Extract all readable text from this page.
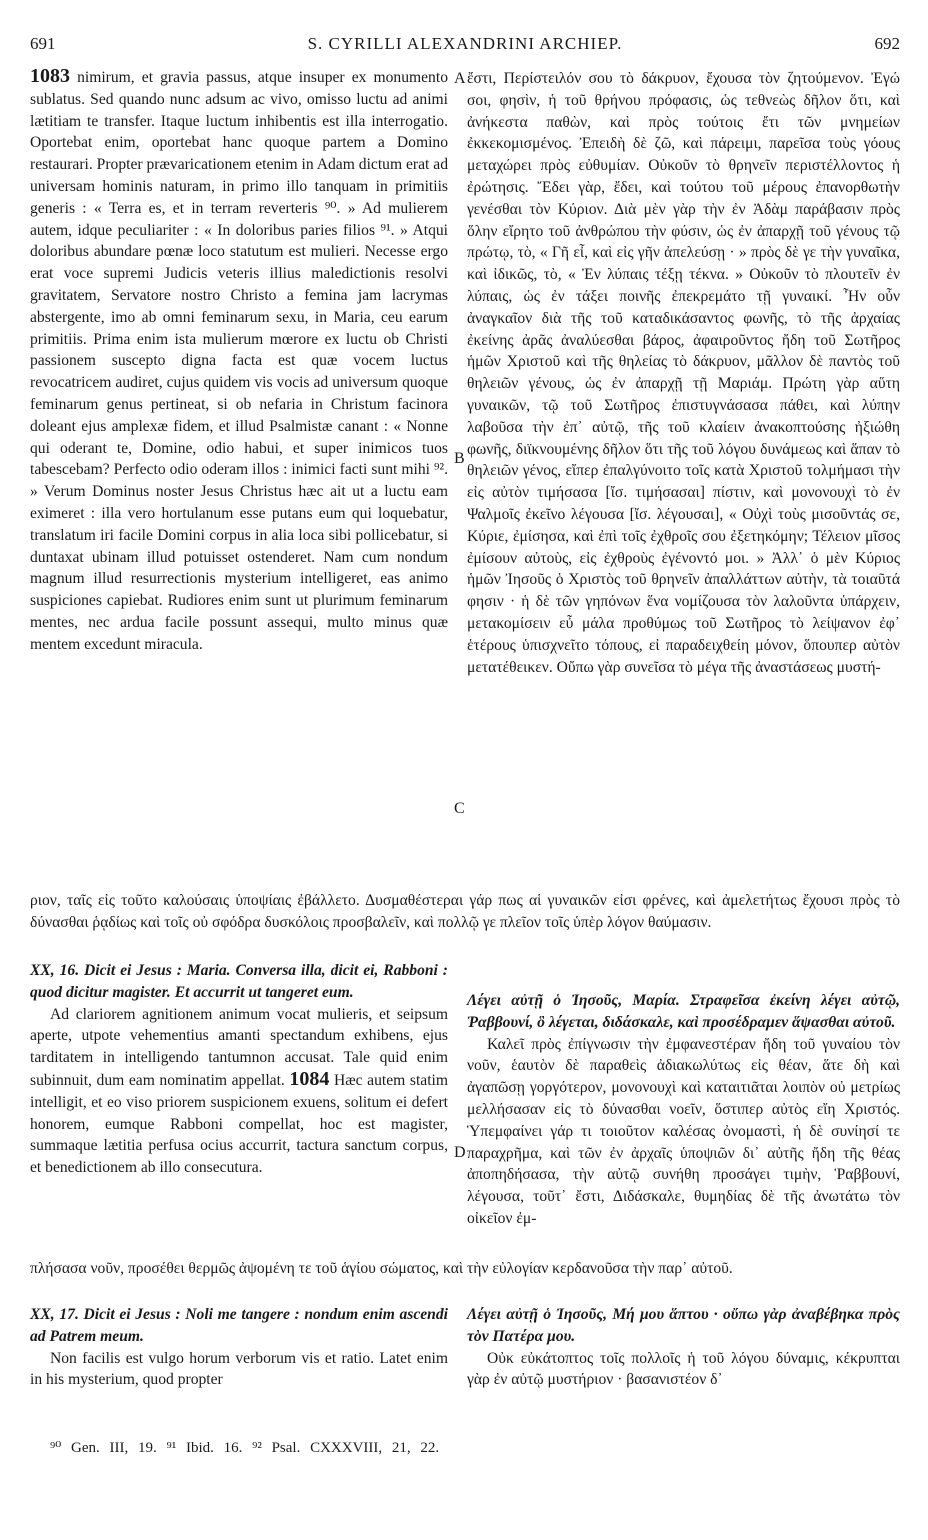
691	S. CYRILLI ALEXANDRINI ARCHIEP.	692

1083 nimirum, et gravia passus, atque insuper ex monumento sublatus. Sed quando nunc adsum ac vivo, omisso luctu ad animi lætitiam te transfer. Itaque luctum inhibentis est illa interrogatio. Oportebat enim, oportebat hanc quoque partem a Domino restaurari. Propter prævaricationem etenim in Adam dictum erat ad universam hominis naturam, in primo illo tanquam in primitiis generis : « Terra es, et in terram reverteris ⁹⁰. » Ad mulierem autem, idque peculiariter : « In doloribus paries filios ⁹¹. » Atqui doloribus abundare pœnæ loco statutum est mulieri. Necesse ergo erat voce supremi Judicis veteris illius maledictionis resolvi gravitatem, Servatore nostro Christo a femina jam lacrymas abstergente, imo ab omni feminarum sexu, in Maria, ceu earum primitiis. Prima enim ista mulierum mœrore ex luctu ob Christi passionem suscepto digna facta est quæ vocem luctus revocatricem audiret, cujus quidem vis vocis ad universum quoque feminarum genus pertineat, si ob nefaria in Christum facinora doleant ejus amplexæ fidem, et illud Psalmistæ canant : « Nonne qui oderant te, Domine, odio habui, et super inimicos tuos tabescebam? Perfecto odio oderam illos : inimici facti sunt mihi ⁹². » Verum Dominus noster Jesus Christus hæc ait ut a luctu eam eximeret : illa vero hortulanum esse putans eum qui loquebatur, translatum iri facile Domini corpus in alia loca sibi pollicebatur, si duntaxat ubinam illud potuisset ostenderet. Nam cum nondum magnum illud resurrectionis mysterium intelligeret, eas animo suspiciones capiebat. Rudiores enim sunt ut plurimum feminarum mentes, nec ardua facile possunt assequi, multo minus quæ mentem excedunt miracula.

ἔστι, Περίστειλόν σου τὸ δάκρυον, ἔχουσα τὸν ζητούμενον. Ἐγώ σοι, φησὶν, ἡ τοῦ θρήνου πρόφασις, ὡς τεθνεὼς δῆλον ὅτι, καὶ ἀνήκεστα παθὼν, καὶ πρὸς τούτοις ἔτι τῶν μνημείων ἐκκεκομισμένος. Ἐπειδὴ δὲ ζῶ, καὶ πάρειμι, παρεῖσα τοὺς γόους μεταχώρει πρὸς εὐθυμίαν. Οὐκοῦν τὸ θρηνεῖν περιστέλλοντος ἡ ἐρώτησις. Ἔδει γὰρ, ἔδει, καὶ τούτου τοῦ μέρους ἐπανορθωτὴν γενέσθαι τὸν Κύριον. Διὰ μὲν γὰρ τὴν ἐν Ἀδὰμ παράβασιν πρὸς ὅλην εἴρητο τοῦ ἀνθρώπου τὴν φύσιν, ὡς ἐν ἀπαρχῇ τοῦ γένους τῷ πρώτῳ, τὸ, « Γῆ εἶ, καὶ εἰς γῆν ἀπελεύσῃ · » πρὸς δὲ γε τὴν γυναῖκα, καὶ ἰδικῶς, τὸ, « Ἐν λύπαις τέξῃ τέκνα. » Οὐκοῦν τὸ πλουτεῖν ἐν λύπαις, ὡς ἐν τάξει ποινῆς ἐπεκρεμάτο τῇ γυναικί. Ἦν οὖν ἀναγκαῖον διὰ τῆς τοῦ καταδικάσαντος φωνῆς, τὸ τῆς ἀρχαίας ἐκείνης ἀρᾶς ἀναλύεσθαι βάρος, ἀφαιροῦντος ἤδη τοῦ Σωτῆρος ἡμῶν Χριστοῦ καὶ τῆς θηλείας τὸ δάκρυον, μᾶλλον δὲ παντὸς τοῦ θηλειῶν γένους, ὡς ἐν ἀπαρχῇ τῇ Μαριάμ. Πρώτη γὰρ αὕτη γυναικῶν, τῷ τοῦ Σωτῆρος ἐπιστυγνάσασα πάθει, καὶ λύπην λαβοῦσα τὴν ἐπ᾿ αὐτῷ, τῆς τοῦ κλαίειν ἀνακοπτούσης ἠξιώθη φωνῆς, διϊκνουμένης δῆλον ὅτι τῆς τοῦ λόγου δυνάμεως καὶ ἅπαν τὸ θηλειῶν γένος, εἴπερ ἐπαλγύνοιτο τοῖς κατὰ Χριστοῦ τολμήμασι τὴν εἰς αὐτὸν τιμήσασα [ἴσ. τιμήσασαι] πίστιν, καὶ μονονουχὶ τὸ ἐν Ψαλμοῖς ἐκεῖνο λέγουσα [ἴσ. λέγουσαι], « Οὐχὶ τοὺς μισοῦντάς σε, Κύριε, ἐμίσησα, καὶ ἐπὶ τοῖς ἐχθροῖς σου ἐξετηκόμην; Τέλειον μῖσος ἐμίσουν αὐτοὺς, εἰς ἐχθροὺς ἐγένοντό μοι. » Ἀλλ᾿ ὁ μὲν Κύριος ἡμῶν Ἰησοῦς ὁ Χριστὸς τοῦ θρηνεῖν ἀπαλλάττων αὐτὴν, τὰ τοιαῦτά φησιν · ἡ δὲ τῶν γηπόνων ἕνα νομίζουσα τὸν λαλοῦντα ὑπάρχειν, μετακομίσειν εὖ μάλα προθύμως τοῦ Σωτῆρος τὸ λείψανον ἐφ᾿ ἑτέρους ὑπισχνεῖτο τόπους, εἰ παραδειχθείη μόνον, ὅπουπερ αὐτὸν μετατέθεικεν. Οὔπω γὰρ συνεῖσα τὸ μέγα τῆς ἀναστάσεως μυστή-

A
B
C
D
ριον, ταῖς εἰς τοῦτο καλούσαις ὑποψίαις ἐβάλλετο. Δυσμαθέστεραι γάρ πως αἱ γυναικῶν εἰσι φρένες, καὶ ἀμελετήτως ἔχουσι πρὸς τὸ δύνασθαι ῥᾳδίως καὶ τοῖς οὐ σφόδρα δυσκόλοις προσβαλεῖν, καὶ πολλῷ γε πλεῖον τοῖς ὑπὲρ λόγον θαύμασιν.

XX, 16. Dicit ei Jesus : Maria. Conversa illa, dicit ei, Rabboni : quod dicitur magister. Et accurrit ut tangeret eum.

Ad clariorem agnitionem animum vocat mulieris, et seipsum aperte, utpote vehementius amanti spectandum exhibens, ejus tarditatem in intelligendo tantumnon accusat. Tale quid enim subinnuit, dum eam nominatim appellat. 1084 Hæc autem statim intelligit, et eo viso priorem suspicionem exuens, solitum ei defert honorem, eumque Rabboni compellat, hoc est magister, summaque lætitia perfusa ocius accurrit, tactura sanctum corpus, et benedictionem ab illo consecutura.

Λέγει αὐτῇ ὁ Ἰησοῦς, Μαρία. Στραφεῖσα ἐκείνη λέγει αὐτῷ, Ῥαββουνί, ὃ λέγεται, διδάσκαλε, καὶ προσέδραμεν ἅψασθαι αὐτοῦ.

Καλεῖ πρὸς ἐπίγνωσιν τὴν ἐμφανεστέραν ἤδη τοῦ γυναίου τὸν νοῦν, ἑαυτὸν δὲ παραθεὶς ἀδιακωλύτως εἰς θέαν, ἅτε δὴ καὶ ἀγαπῶσῃ γοργότερον, μονονουχὶ καὶ καταιτιᾶται λοιπὸν οὐ μετρίως μελλήσασαν εἰς τὸ δύνασθαι νοεῖν, ὅστιπερ αὐτὸς εἴη Χριστός. Ὑπεμφαίνει γάρ τι τοιοῦτον καλέσας ὀνομαστὶ, ἡ δὲ συνίησί τε παραχρῆμα, καὶ τῶν ἐν ἀρχαῖς ὑποψιῶν δι᾿ αὐτῆς ἤδη τῆς θέας ἀποπηδήσασα, τὴν αὐτῷ συνήθη προσάγει τιμὴν, Ῥαββουνί, λέγουσα, τοῦτ᾿ ἔστι, Διδάσκαλε, θυμηδίας δὲ τῆς ἀνωτάτω τὸν οἰκεῖον ἐμ-

πλήσασα νοῦν, προσέθει θερμῶς ἀψομένη τε τοῦ ἁγίου σώματος, καὶ τὴν εὐλογίαν κερδανοῦσα τὴν παρ᾿ αὐτοῦ.

XX, 17. Dicit ei Jesus : Noli me tangere : nondum enim ascendi ad Patrem meum.

Non facilis est vulgo horum verborum vis et ratio. Latet enim in his mysterium, quod propter

Λέγει αὐτῇ ὁ Ἰησοῦς, Μή μου ἅπτου · οὔπω γὰρ ἀναβέβηκα πρὸς τὸν Πατέρα μου.

Οὐκ εὐκάτοπτος τοῖς πολλοῖς ἡ τοῦ λόγου δύναμις, κέκρυπται γὰρ ἐν αὐτῷ μυστήριον · βασανιστέον δ᾿

⁹⁰ Gen. III, 19. ⁹¹ Ibid. 16. ⁹² Psal. CXXXVIII, 21, 22.
